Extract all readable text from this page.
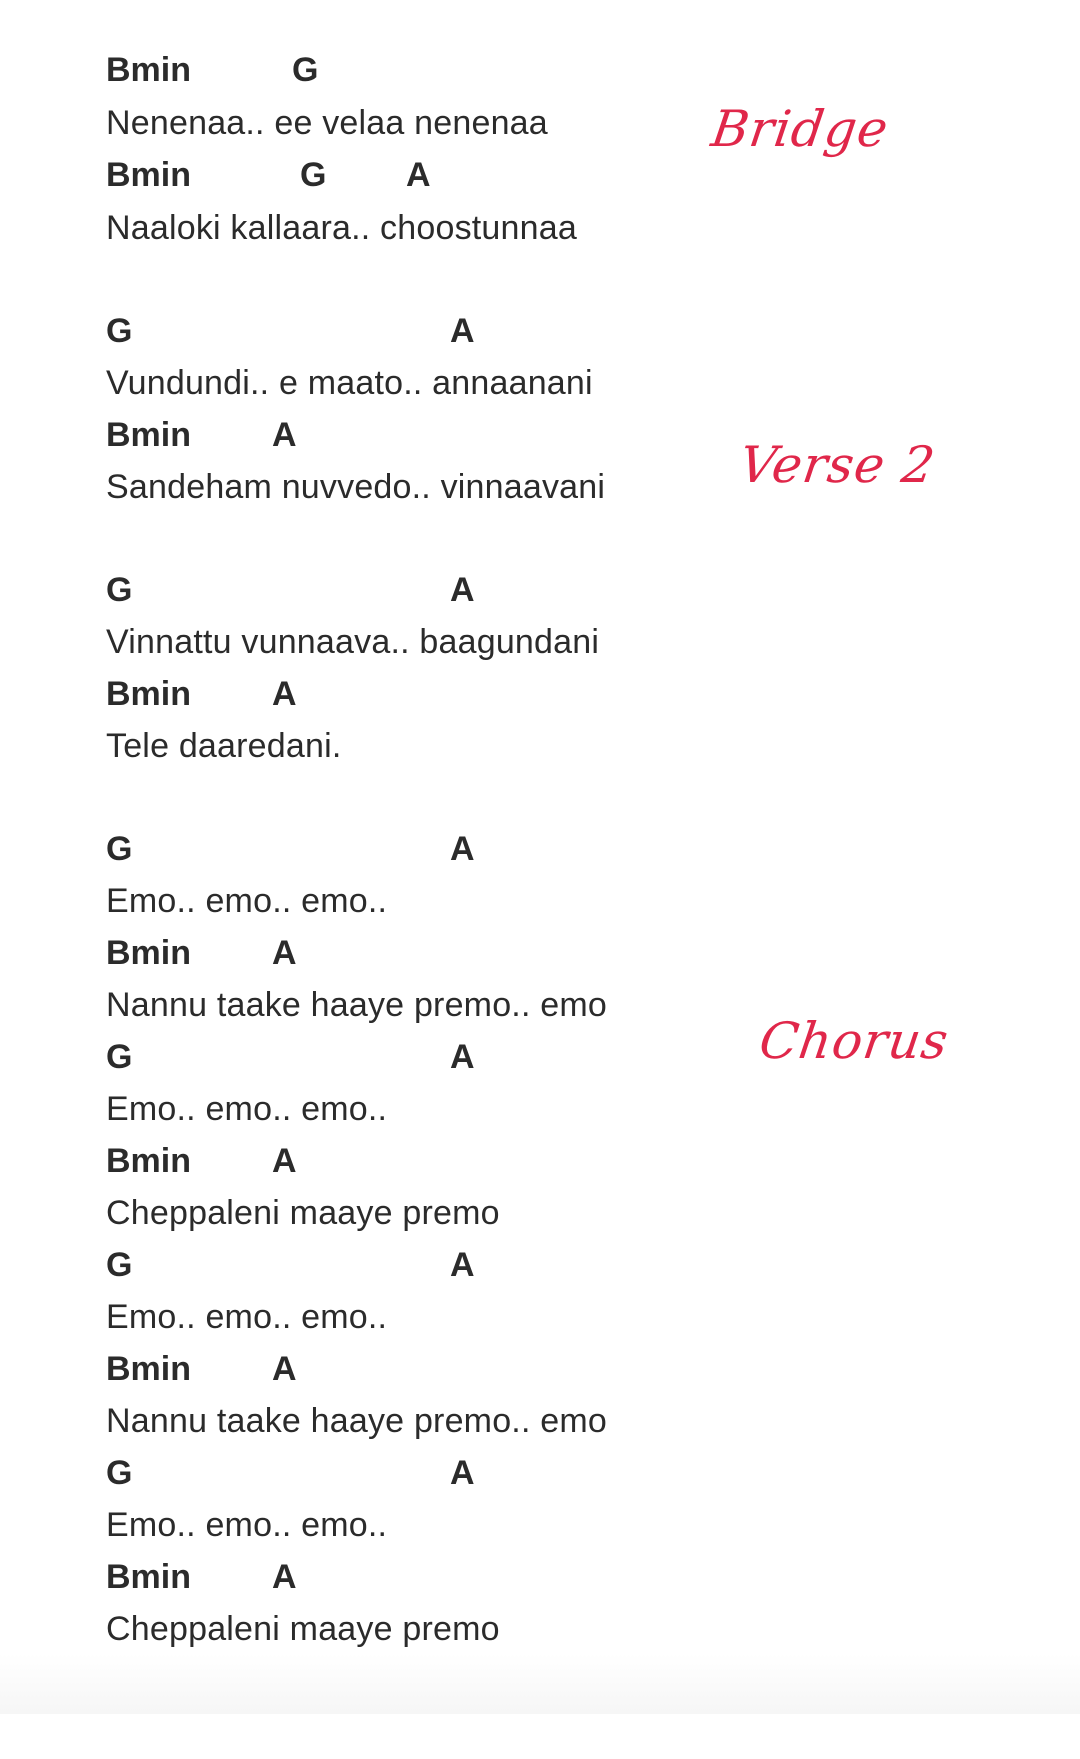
Bmin

	G

Nenenaa.. ee velaa nenenaa

Bmin

	G

A

Naaloki kallaara.. choostunnaa

G

	A

Vundundi.. e maato.. annaanani

Bmin

A

Sandeham nuvvedo.. vinnaavani

G

	A

Vinnattu vunnaava.. baagundani

Bmin

A

Tele daaredani.

G

	A

Emo.. emo.. emo..

Bmin

A

Nannu taake haaye premo.. emo

G

	A

Emo.. emo.. emo..

Bmin

A

Cheppaleni maaye premo

G

	A

Emo.. emo.. emo..

Bmin

A

Nannu taake haaye premo.. emo

G

	A

Emo.. emo.. emo..

Bmin

A

Cheppaleni maaye premo
Bridge
Verse 2
Chorus
